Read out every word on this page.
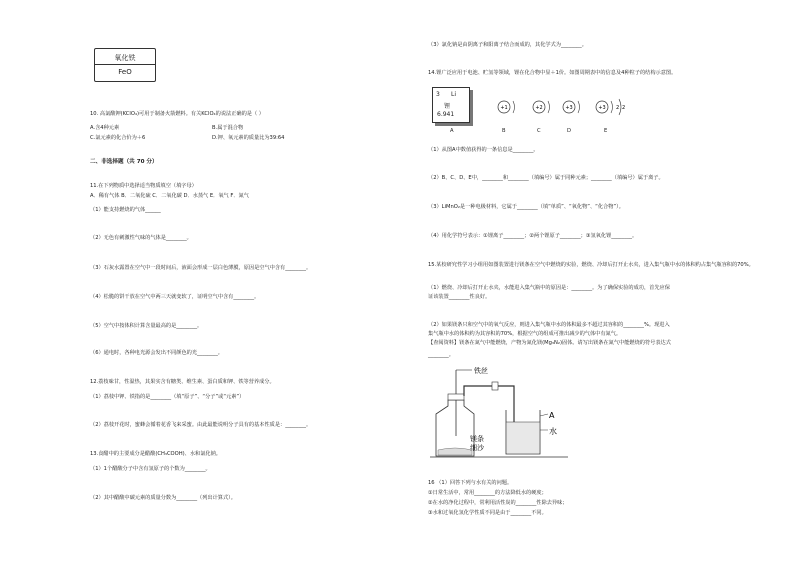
氧化铁
FeO
10. 高氯酸钾(KClO₄)可用于制备火箭燃料。有关KClO₄的说法正确的是（ ）
A.含4种元素	B.属于混合物
C.氯元素的化合价为＋6	D.钾、氧元素的质量比为39:64
二、非选择题（共 70 分）
11.在下列物质中选择适当物质填空（填字母）
A．稀有气体 B．二氧化硫 C．二氧化碳 D．水蒸气 E．氧气 F．氮气
（1）能支持燃烧的气体______
（2）无色有刺激性气味的气体是________。
（3）石灰水露置在空气中一段时间后，液面会形成一层白色薄膜，原因是空气中含有________。
（4）松脆的饼干放在空气中两三天就变软了，证明空气中含有________。
（5）空气中按体积计算含量最高的是________。
（6）通电时，各种电光源会发出不同颜色的光________。
12.荔枝味甘，性温热，其果实含有糖类、维生素、蛋白质和钾、铁等营养成分。
（1）荔枝中钾、铁指的是________（填“原子”、“分子”或“元素”）
（2）荔枝开花时，蜜蜂会循着花香飞来采蜜。由此最能说明分子具有的基本性质是：________。
13.食醋中的主要成分是醋酸(CH₃COOH)、水和氯化钠。
（1）1个醋酸分子中含有氢原子的个数为________。
（2）其中醋酸中碳元素的质量分数为________（列出计算式）。
（3）氯化钠是由阴离子和阳离子结合而成的，其化学式为________。
14.锂广泛应用于电池、贮氢等领域，锂在化合物中显＋1价。如图周期表中的信息及4种粒子的结构示意图。
3 Li
锂
6.941
+1	+2	+3	+3 2 2
A	B	C	D	E
（1）从图A中数值获得的一条信息是________。
（2）B、C、D、E中，________和________（填编号）属于同种元素；________（填编号）属于离子。
（3）LiMnO₂是一种电极材料，它属于________（填“单质”、“氧化物”、“化合物”）。
（4）用化学符号表示：①锂离子________；②两个锂原子________；③氢氧化锂________。
15.某校研究性学习小组用如图装置进行镁条在空气中燃烧的实验，燃烧、冷却后打开止水夹，进入集气瓶中水的体积约占集气瓶容积的70%。
（1）燃烧、冷却后打开止水夹，水能进入集气瓶中的原因是：________。为了确保实验的成功，首先应保
证该装置________性良好。
（2）如果镁条只和空气中的氧气反应，则进入集气瓶中水的体积最多不超过其容积的________%。现进入
集气瓶中水的体积约为其容积的70%，根据空气的组成可推出减少的气体中有氮气。
【查阅资料】镁条在氮气中能燃烧，产物为氮化镁(Mg₃N₂)固体。请写出镁条在氮气中能燃烧的符号表达式
________。
铁丝
A
水
镁条
细沙
16 （1）回答下列与水有关的问题。
①日常生活中，常用________的方法降低水的硬度；
②在水的净化过程中，常利用活性炭的________性除去异味；
③水和过氧化氢化学性质不同是由于________不同。
